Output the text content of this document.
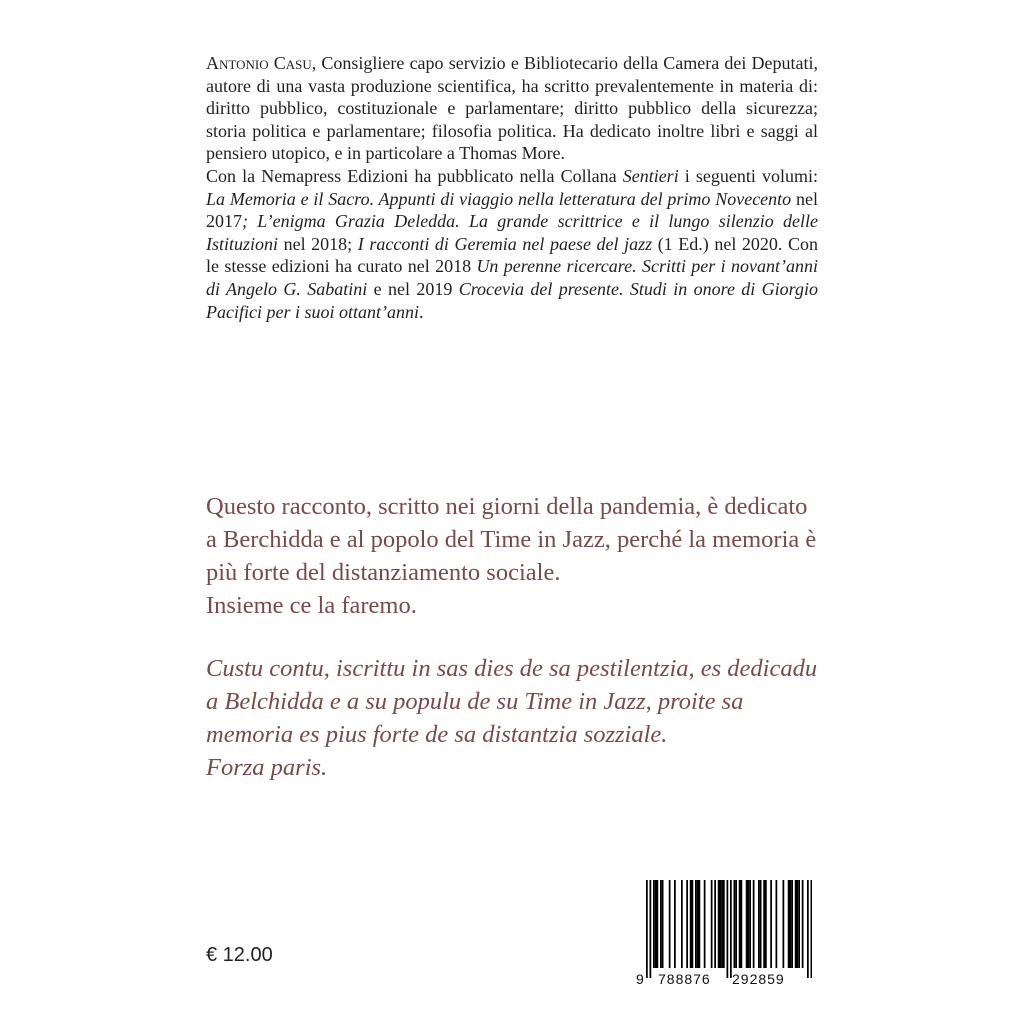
Antonio Casu, Consigliere capo servizio e Bibliotecario della Camera dei Deputati, autore di una vasta produzione scientifica, ha scritto prevalentemente in materia di: diritto pubblico, costituzionale e parlamentare; diritto pubblico della sicurezza; storia politica e parlamentare; filosofia politica. Ha dedicato inoltre libri e saggi al pensiero utopico, e in particolare a Thomas More.

Con la Nemapress Edizioni ha pubblicato nella Collana Sentieri i seguenti volumi: La Memoria e il Sacro. Appunti di viaggio nella letteratura del primo Novecento nel 2017; L’enigma Grazia Deledda. La grande scrittrice e il lungo silenzio delle Istituzioni nel 2018; I racconti di Geremia nel paese del jazz (1 Ed.) nel 2020. Con le stesse edizioni ha curato nel 2018 Un perenne ricercare. Scritti per i novant’anni di Angelo G. Sabatini e nel 2019 Crocevia del presente. Studi in onore di Giorgio Pacifici per i suoi ottant’anni.

Questo racconto, scritto nei giorni della pandemia, è dedicato a Berchidda e al popolo del Time in Jazz, perché la memoria è più forte del distanziamento sociale.
Insieme ce la faremo.

Custu contu, iscrittu in sas dies de sa pestilentzia, es dedicadu a Belchidda e a su populu de su Time in Jazz, proite sa memoria es pius forte de sa distantzia sozziale.
Forza paris.

€ 12.00
9 788876 292859
